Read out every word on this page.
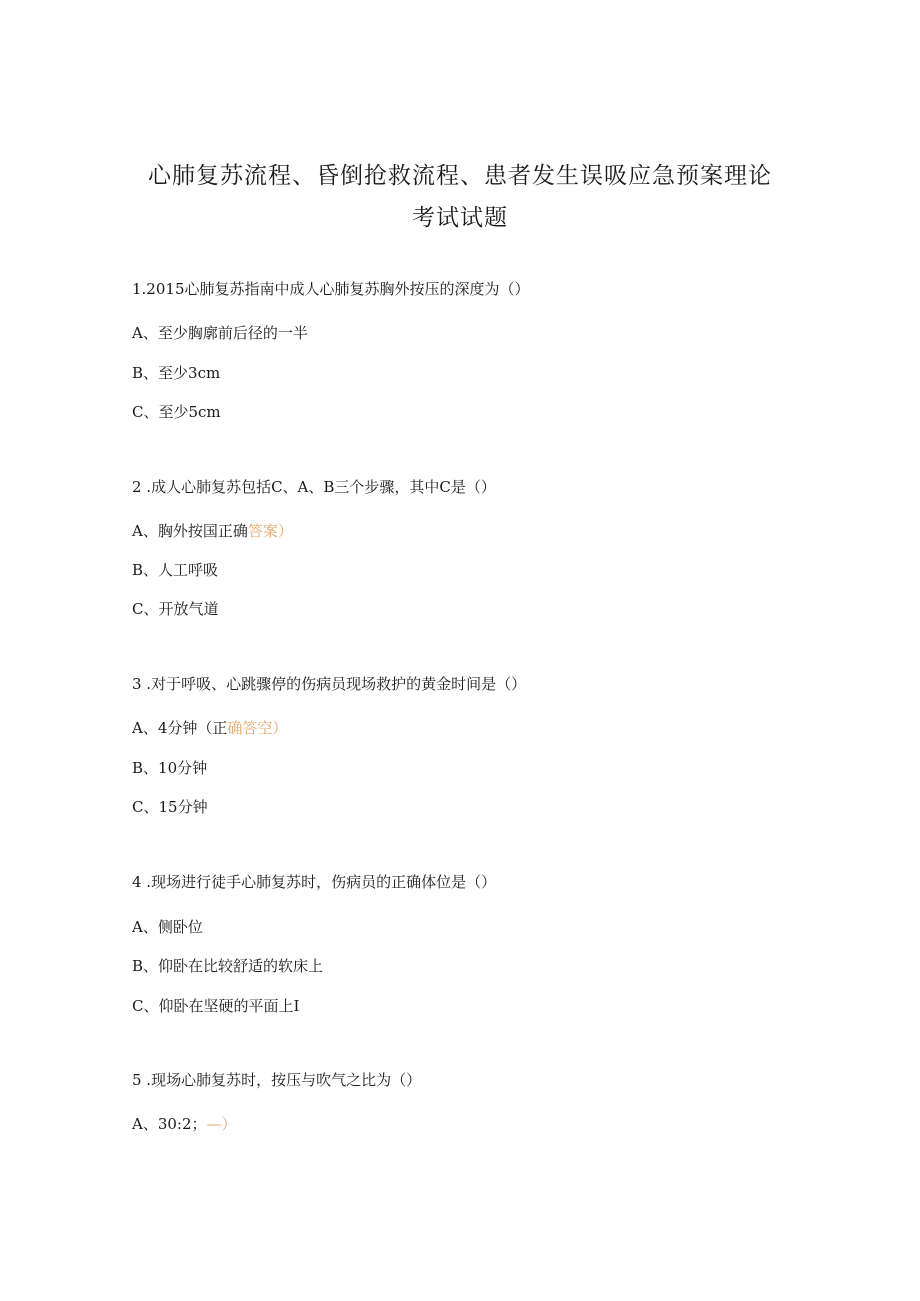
心肺复苏流程、昏倒抢救流程、患者发生误吸应急预案理论
考试试题
1.2015心肺复苏指南中成人心肺复苏胸外按压的深度为（）
A、至少胸廓前后径的一半
B、至少3cm
C、至少5cm
2 .成人心肺复苏包括C、A、B三个步骤，其中C是（）
A、胸外按国正确答案）
B、人工呼吸
C、开放气道
3 .对于呼吸、心跳骤停的伤病员现场救护的黄金时间是（）
A、4分钟（正确答空）
B、10分钟
C、15分钟
4 .现场进行徒手心肺复苏时，伤病员的正确体位是（）
A、侧卧位
B、仰卧在比较舒适的软床上
C、仰卧在坚硬的平面上I
5 .现场心肺复苏时，按压与吹气之比为（）
A、30:2；—）
